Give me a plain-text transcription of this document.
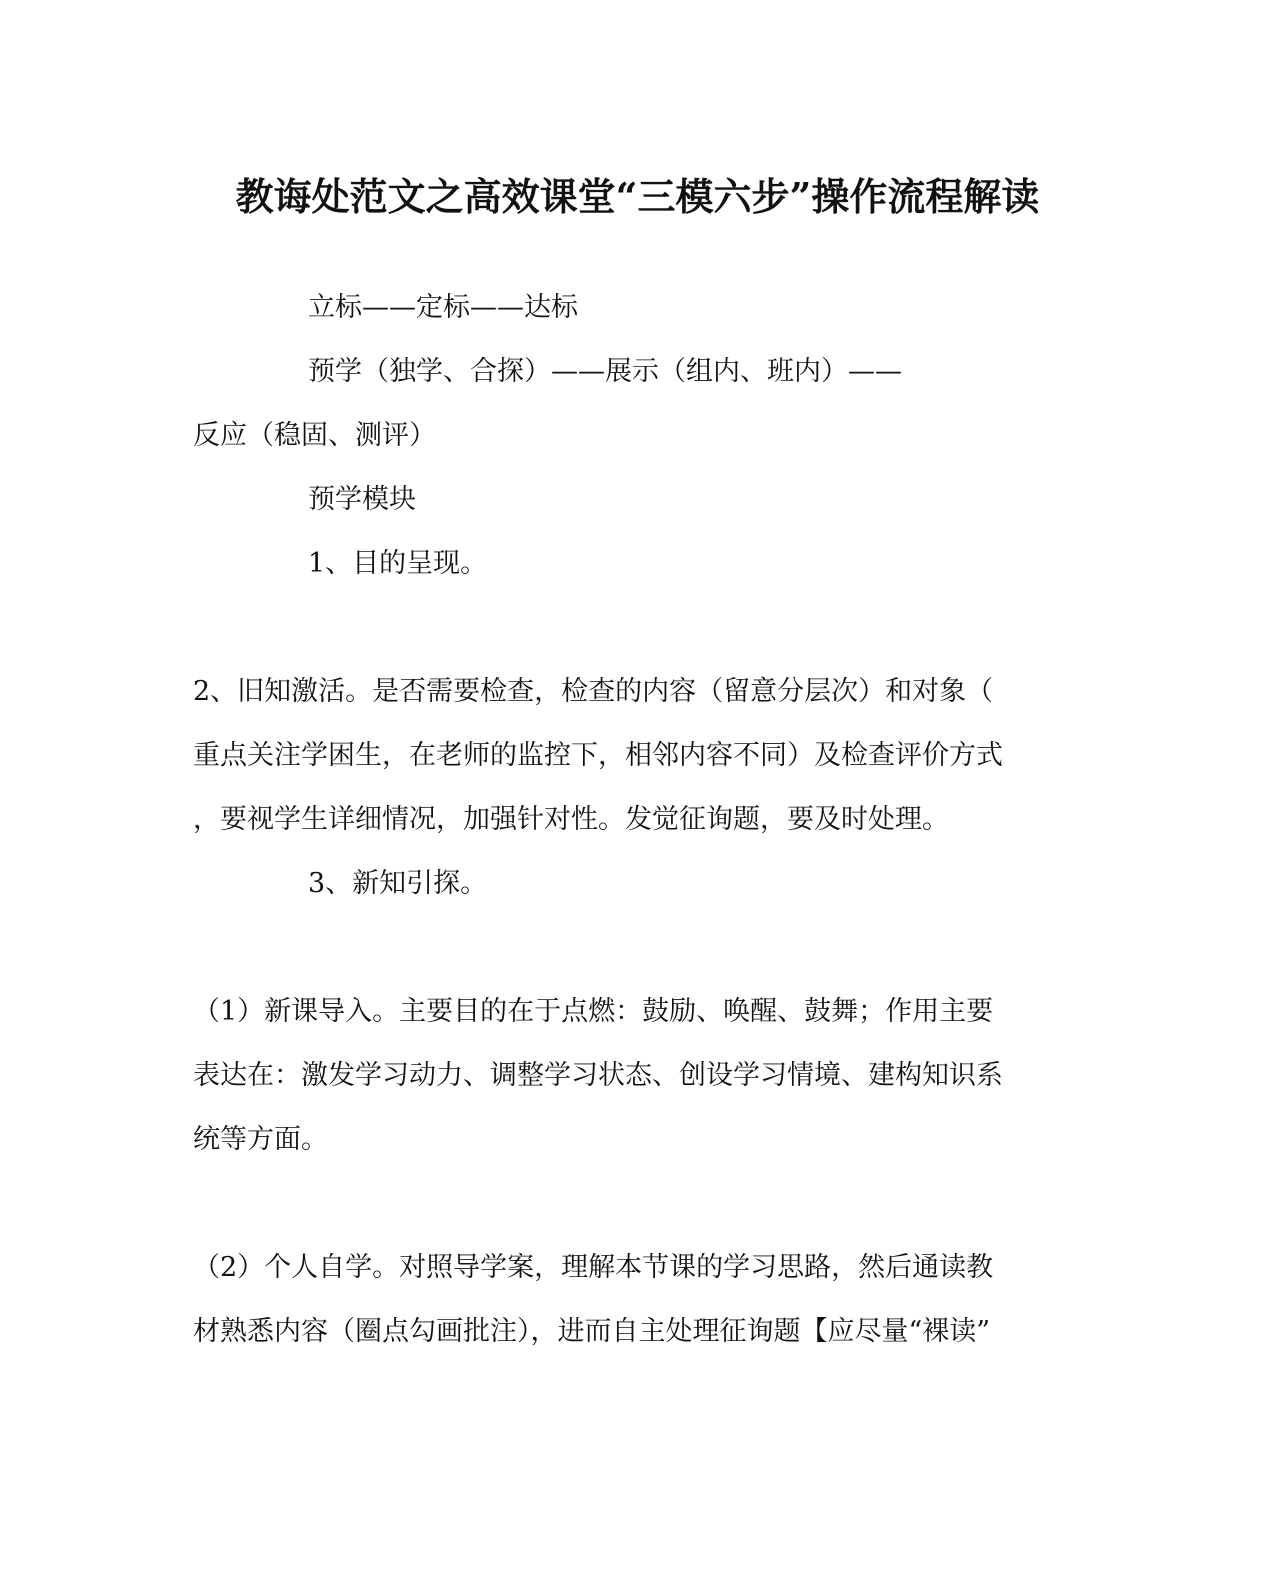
教诲处范文之高效课堂“三模六步”操作流程解读
立标——定标——达标
预学（独学、合探）——展示（组内、班内）——
反应（稳固、测评）
预学模块
1、目的呈现。
2、旧知激活。是否需要检查，检查的内容（留意分层次）和对象（
重点关注学困生，在老师的监控下，相邻内容不同）及检查评价方式
，要视学生详细情况，加强针对性。发觉征询题，要及时处理。
3、新知引探。
（1）新课导入。主要目的在于点燃：鼓励、唤醒、鼓舞；作用主要
表达在：激发学习动力、调整学习状态、创设学习情境、建构知识系
统等方面。
（2）个人自学。对照导学案，理解本节课的学习思路，然后通读教
材熟悉内容（圈点勾画批注），进而自主处理征询题【应尽量“裸读”
